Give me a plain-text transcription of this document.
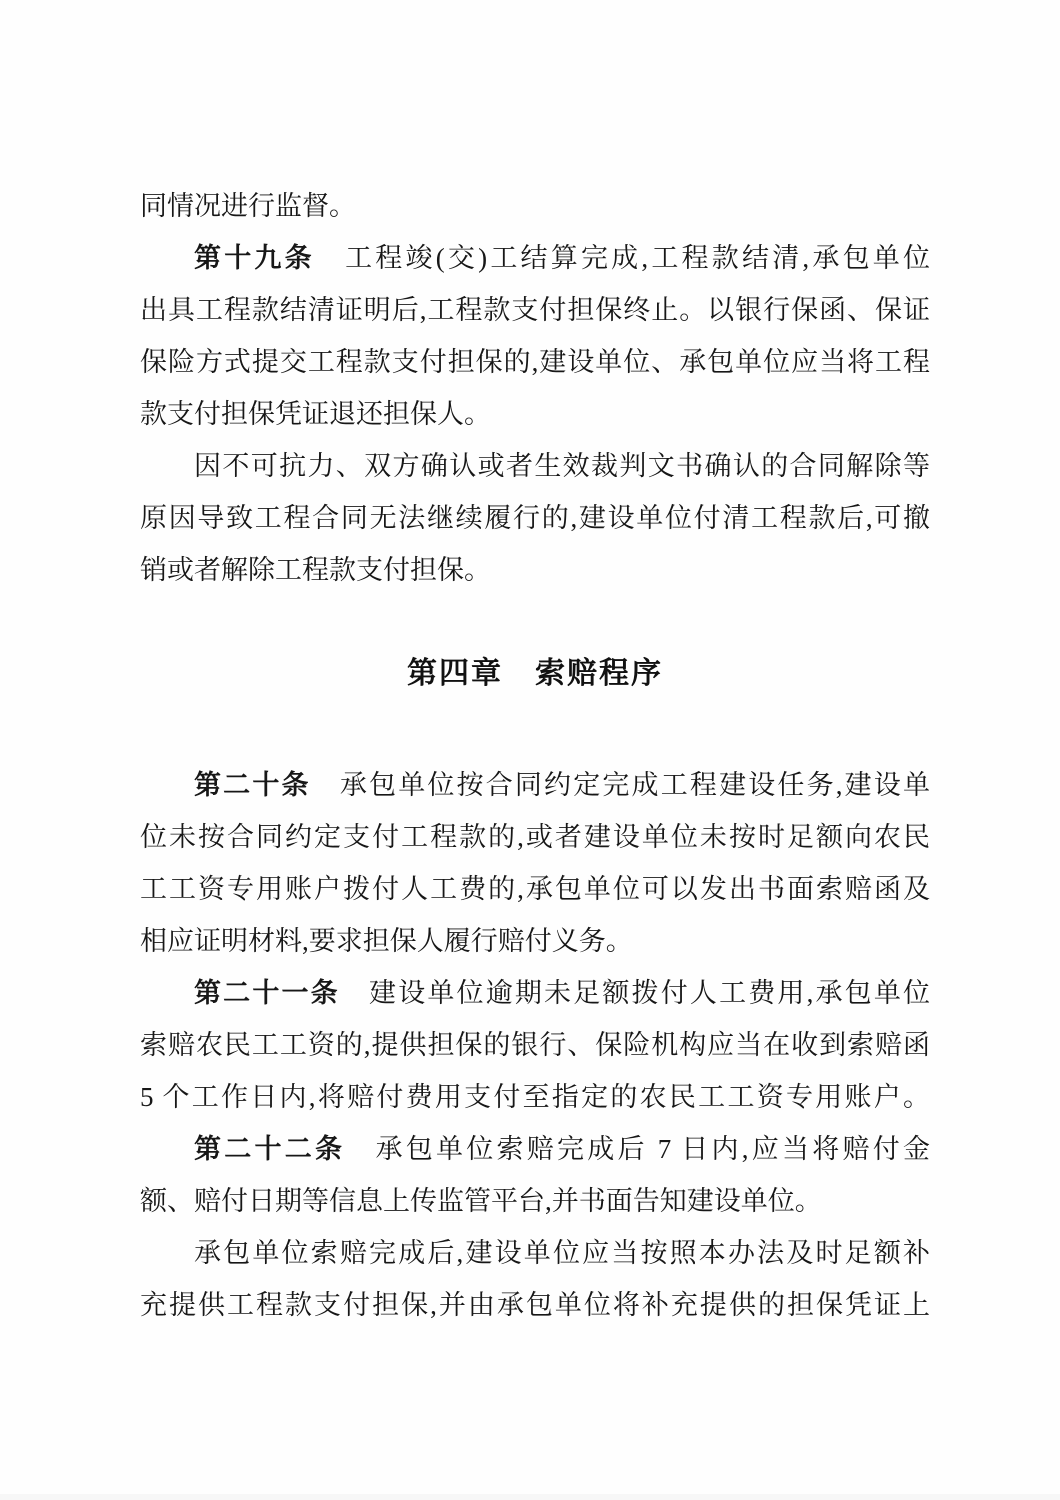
同情况进行监督。
第十九条　工程竣(交)工结算完成,工程款结清,承包单位
出具工程款结清证明后,工程款支付担保终止。以银行保函、保证
保险方式提交工程款支付担保的,建设单位、承包单位应当将工程
款支付担保凭证退还担保人。
因不可抗力、双方确认或者生效裁判文书确认的合同解除等
原因导致工程合同无法继续履行的,建设单位付清工程款后,可撤
销或者解除工程款支付担保。
第四章　索赔程序
第二十条　承包单位按合同约定完成工程建设任务,建设单
位未按合同约定支付工程款的,或者建设单位未按时足额向农民
工工资专用账户拨付人工费的,承包单位可以发出书面索赔函及
相应证明材料,要求担保人履行赔付义务。
第二十一条　建设单位逾期未足额拨付人工费用,承包单位
索赔农民工工资的,提供担保的银行、保险机构应当在收到索赔函
5 个工作日内,将赔付费用支付至指定的农民工工资专用账户。
第二十二条　承包单位索赔完成后 7 日内,应当将赔付金
额、赔付日期等信息上传监管平台,并书面告知建设单位。
承包单位索赔完成后,建设单位应当按照本办法及时足额补
充提供工程款支付担保,并由承包单位将补充提供的担保凭证上
